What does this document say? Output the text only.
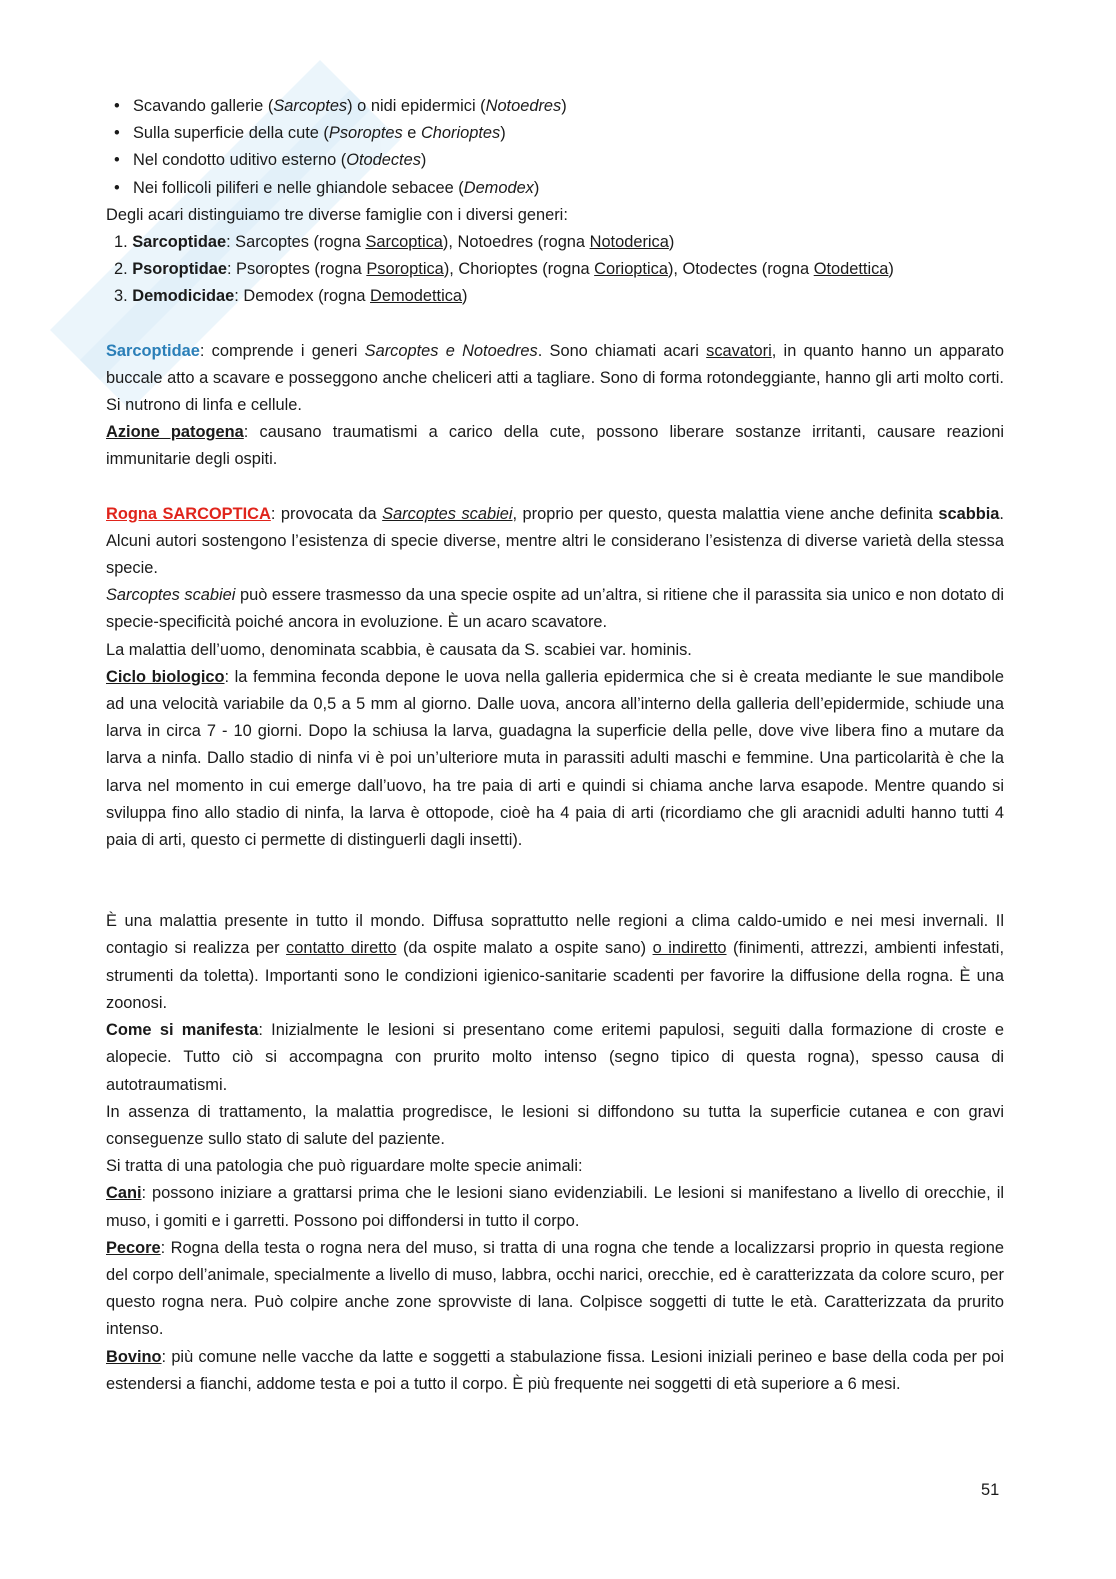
• Scavando gallerie (Sarcoptes) o nidi epidermici (Notoedres)
• Sulla superficie della cute (Psoroptes e Chorioptes)
• Nel condotto uditivo esterno (Otodectes)
• Nei follicoli piliferi e nelle ghiandole sebacee (Demodex)

Degli acari distinguiamo tre diverse famiglie con i diversi generi:

1. Sarcoptidae: Sarcoptes (rogna Sarcoptica), Notoedres (rogna Notoderica)
2. Psoroptidae: Psoroptes (rogna Psoroptica), Chorioptes (rogna Corioptica), Otodectes (rogna Otodettica)
3. Demodicidae: Demodex (rogna Demodettica)

Sarcoptidae: comprende i generi Sarcoptes e Notoedres. Sono chiamati acari scavatori, in quanto hanno un apparato buccale atto a scavare e posseggono anche cheliceri atti a tagliare. Sono di forma rotondeggiante, hanno gli arti molto corti. Si nutrono di linfa e cellule.

Azione patogena: causano traumatismi a carico della cute, possono liberare sostanze irritanti, causare reazioni immunitarie degli ospiti.

Rogna SARCOPTICA: provocata da Sarcoptes scabiei, proprio per questo, questa malattia viene anche definita scabbia. Alcuni autori sostengono l’esistenza di specie diverse, mentre altri le considerano l’esistenza di diverse varietà della stessa specie.

Sarcoptes scabiei può essere trasmesso da una specie ospite ad un’altra, si ritiene che il parassita sia unico e non dotato di specie-specificità poiché ancora in evoluzione. È un acaro scavatore.

La malattia dell’uomo, denominata scabbia, è causata da S. scabiei var. hominis.

Ciclo biologico: la femmina feconda depone le uova nella galleria epidermica che si è creata mediante le sue mandibole ad una velocità variabile da 0,5 a 5 mm al giorno. Dalle uova, ancora all’interno della galleria dell’epidermide, schiude una larva in circa 7 - 10 giorni. Dopo la schiusa la larva, guadagna la superficie della pelle, dove vive libera fino a mutare da larva a ninfa. Dallo stadio di ninfa vi è poi un’ulteriore muta in parassiti adulti maschi e femmine. Una particolarità è che la larva nel momento in cui emerge dall’uovo, ha tre paia di arti e quindi si chiama anche larva esapode. Mentre quando si sviluppa fino allo stadio di ninfa, la larva è ottopode, cioè ha 4 paia di arti (ricordiamo che gli aracnidi adulti hanno tutti 4 paia di arti, questo ci permette di distinguerli dagli insetti).

È una malattia presente in tutto il mondo. Diffusa soprattutto nelle regioni a clima caldo-umido e nei mesi invernali. Il contagio si realizza per contatto diretto (da ospite malato a ospite sano) o indiretto (finimenti, attrezzi, ambienti infestati, strumenti da toletta). Importanti sono le condizioni igienico-sanitarie scadenti per favorire la diffusione della rogna. È una zoonosi.

Come si manifesta: Inizialmente le lesioni si presentano come eritemi papulosi, seguiti dalla formazione di croste e alopecie. Tutto ciò si accompagna con prurito molto intenso (segno tipico di questa rogna), spesso causa di autotraumatismi.

In assenza di trattamento, la malattia progredisce, le lesioni si diffondono su tutta la superficie cutanea e con gravi conseguenze sullo stato di salute del paziente.

Si tratta di una patologia che può riguardare molte specie animali:

Cani: possono iniziare a grattarsi prima che le lesioni siano evidenziabili. Le lesioni si manifestano a livello di orecchie, il muso, i gomiti e i garretti. Possono poi diffondersi in tutto il corpo.

Pecore: Rogna della testa o rogna nera del muso, si tratta di una rogna che tende a localizzarsi proprio in questa regione del corpo dell’animale, specialmente a livello di muso, labbra, occhi narici, orecchie, ed è caratterizzata da colore scuro, per questo rogna nera. Può colpire anche zone sprovviste di lana. Colpisce soggetti di tutte le età. Caratterizzata da prurito intenso.

Bovino: più comune nelle vacche da latte e soggetti a stabulazione fissa. Lesioni iniziali perineo e base della coda per poi estendersi a fianchi, addome testa e poi a tutto il corpo. È più frequente nei soggetti di età superiore a 6 mesi.

51
